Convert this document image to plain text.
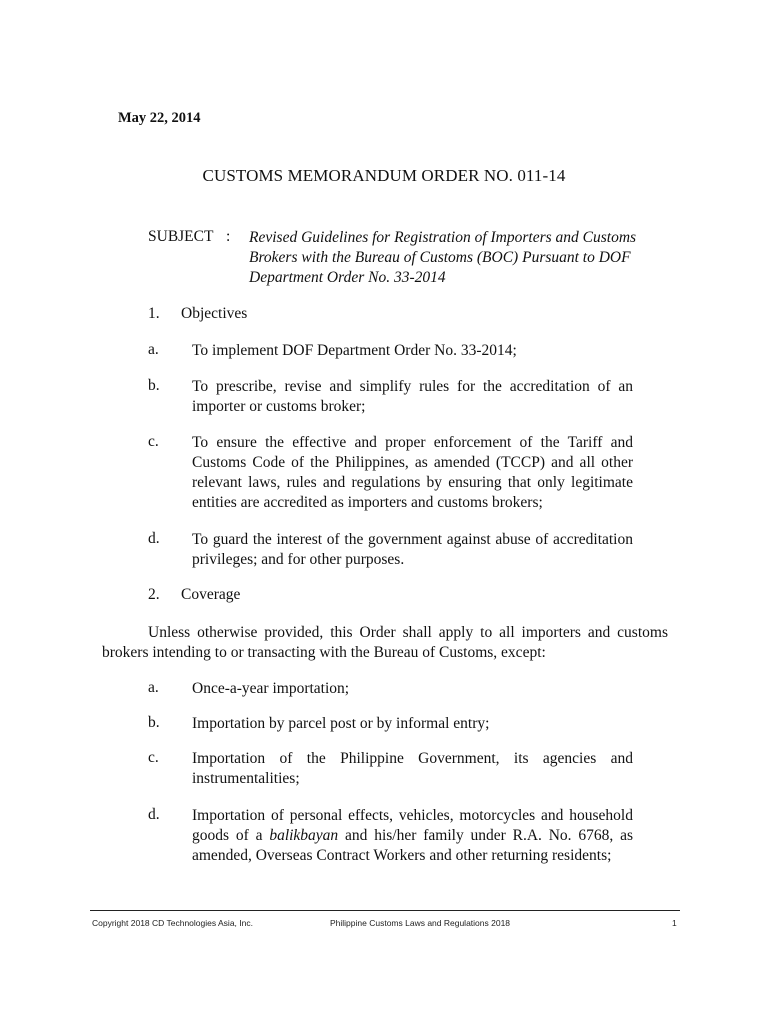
May 22, 2014
CUSTOMS MEMORANDUM ORDER NO. 011-14
SUBJECT : Revised Guidelines for Registration of Importers and Customs Brokers with the Bureau of Customs (BOC) Pursuant to DOF Department Order No. 33-2014
1. Objectives
a. To implement DOF Department Order No. 33-2014;
b. To prescribe, revise and simplify rules for the accreditation of an importer or customs broker;
c. To ensure the effective and proper enforcement of the Tariff and Customs Code of the Philippines, as amended (TCCP) and all other relevant laws, rules and regulations by ensuring that only legitimate entities are accredited as importers and customs brokers;
d. To guard the interest of the government against abuse of accreditation privileges; and for other purposes.
2. Coverage
Unless otherwise provided, this Order shall apply to all importers and customs brokers intending to or transacting with the Bureau of Customs, except:
a. Once-a-year importation;
b. Importation by parcel post or by informal entry;
c. Importation of the Philippine Government, its agencies and instrumentalities;
d. Importation of personal effects, vehicles, motorcycles and household goods of a balikbayan and his/her family under R.A. No. 6768, as amended, Overseas Contract Workers and other returning residents;
Copyright 2018 CD Technologies Asia, Inc.	Philippine Customs Laws and Regulations 2018	1
